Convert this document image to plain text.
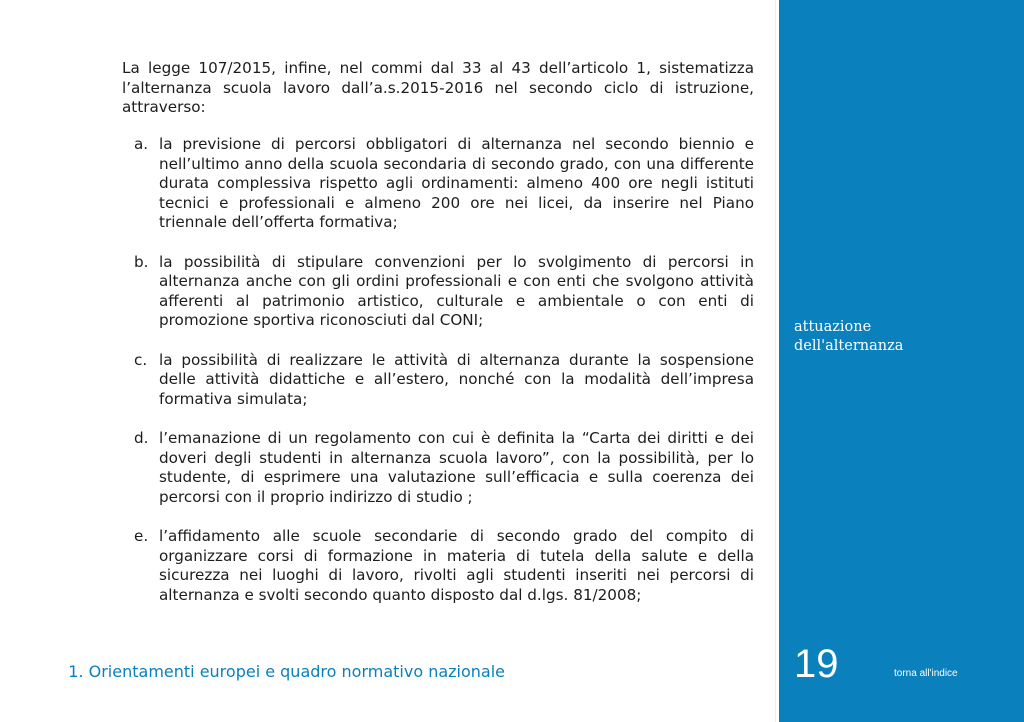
La legge 107/2015, infine, nel commi dal 33 al 43 dell’articolo 1, sistematizza l’alternanza scuola lavoro dall’a.s.2015-2016 nel secondo ciclo di istruzione, attraverso:

a. la previsione di percorsi obbligatori di alternanza nel secondo biennio e nell’ultimo anno della scuola secondaria di secondo grado, con una differente durata complessiva rispetto agli ordinamenti: almeno 400 ore negli istituti tecnici e professionali e almeno 200 ore nei licei, da inserire nel Piano triennale dell’offerta formativa;
b. la possibilità di stipulare convenzioni per lo svolgimento di percorsi in alternanza anche con gli ordini professionali e con enti che svolgono attività afferenti al patrimonio artistico, culturale e ambientale o con enti di promozione sportiva riconosciuti dal CONI;
c. la possibilità di realizzare le attività di alternanza durante la sospensione delle attività didattiche e all’estero, nonché con la modalità dell’impresa formativa simulata;
d. l’emanazione di un regolamento con cui è definita la “Carta dei diritti e dei doveri degli studenti in alternanza scuola lavoro”, con la possibilità, per lo studente, di esprimere una valutazione sull’efficacia e sulla coerenza dei percorsi con il proprio indirizzo di studio ;
e. l’affidamento alle scuole secondarie di secondo grado del compito di organizzare corsi di formazione in materia di tutela della salute e della sicurezza nei luoghi di lavoro, rivolti agli studenti inseriti nei percorsi di alternanza e svolti secondo quanto disposto dal d.lgs. 81/2008;
1. Orientamenti europei e quadro normativo nazionale
attuazione
dell'alternanza
19	torna all'indice
